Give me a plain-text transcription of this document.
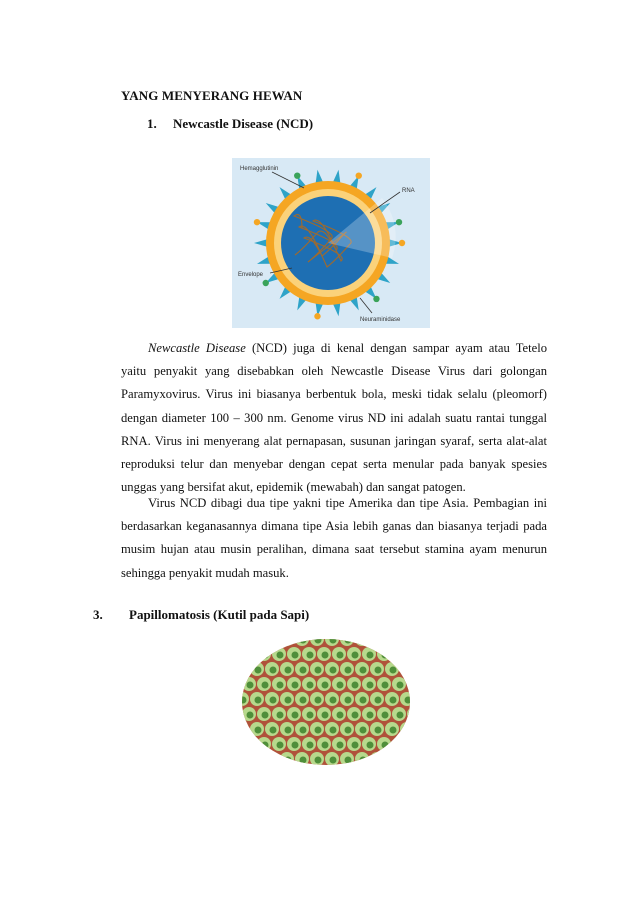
YANG MENYERANG HEWAN
1. Newcastle Disease (NCD)
Hemagglutinin
RNA
Envelope
Neuraminidase
Newcastle Disease (NCD) juga di kenal dengan sampar ayam atau Tetelo
yaitu penyakit yang disebabkan oleh Newcastle Disease Virus dari golongan
Paramyxovirus. Virus ini biasanya berbentuk bola, meski tidak selalu (pleomorf)
dengan diameter 100 – 300 nm. Genome virus ND ini adalah suatu rantai tunggal
RNA. Virus ini menyerang alat pernapasan, susunan jaringan syaraf, serta alat-alat
reproduksi telur dan menyebar dengan cepat serta menular pada banyak spesies
unggas yang bersifat akut, epidemik (mewabah) dan sangat patogen.
Virus NCD dibagi dua tipe yakni tipe Amerika dan tipe Asia. Pembagian ini
berdasarkan keganasannya dimana tipe Asia lebih ganas dan biasanya terjadi pada
musim hujan atau musin peralihan, dimana saat tersebut stamina ayam menurun
sehingga penyakit mudah masuk.
3. Papillomatosis (Kutil pada Sapi)
